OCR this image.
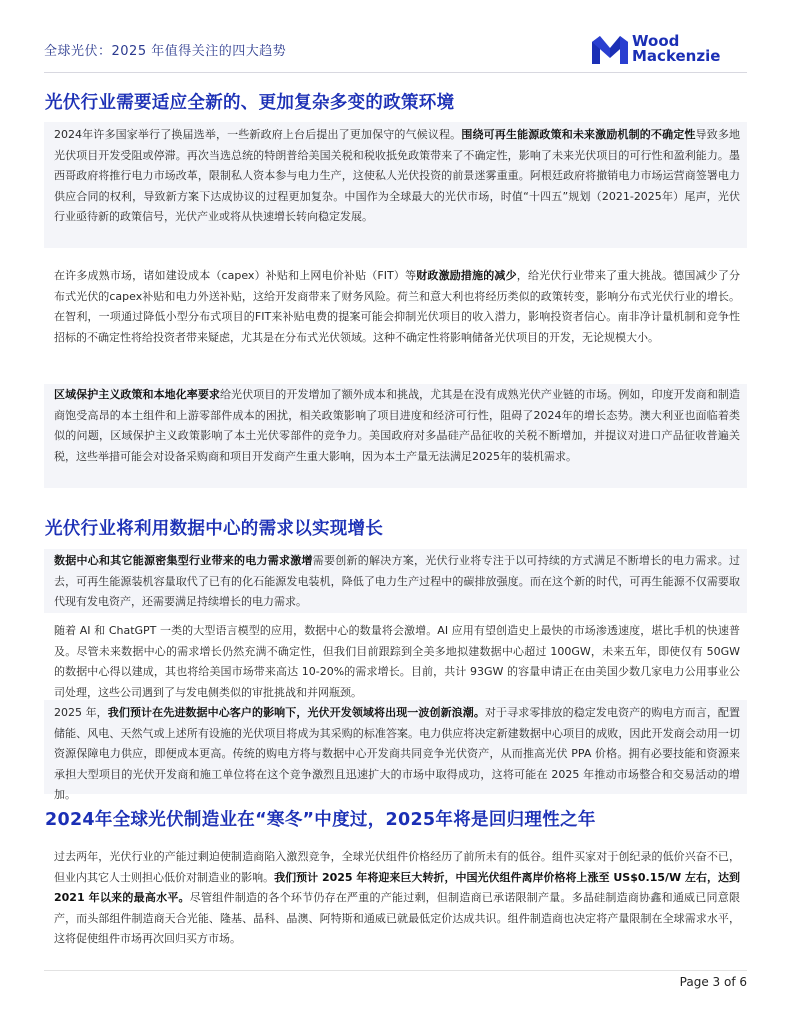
全球光伏：2025 年值得关注的四大趋势
Wood
Mackenzie
光伏行业需要适应全新的、更加复杂多变的政策环境

2024年许多国家举行了换届选举，一些新政府上台后提出了更加保守的气候议程。围绕可再生能源政策和未来激励机制的不确定性导致多地光伏项目开发受阻或停滞。再次当选总统的特朗普给美国关税和税收抵免政策带来了不确定性，影响了未来光伏项目的可行性和盈利能力。墨西哥政府将推行电力市场改革，限制私人资本参与电力生产，这使私人光伏投资的前景迷雾重重。阿根廷政府将撤销电力市场运营商签署电力供应合同的权利，导致新方案下达成协议的过程更加复杂。中国作为全球最大的光伏市场，时值“十四五”规划（2021-2025年）尾声，光伏行业亟待新的政策信号，光伏产业或将从快速增长转向稳定发展。

在许多成熟市场，诸如建设成本（capex）补贴和上网电价补贴（FIT）等财政激励措施的减少，给光伏行业带来了重大挑战。德国减少了分布式光伏的capex补贴和电力外送补贴，这给开发商带来了财务风险。荷兰和意大利也将经历类似的政策转变，影响分布式光伏行业的增长。在智利，一项通过降低小型分布式项目的FIT来补贴电费的提案可能会抑制光伏项目的收入潜力，影响投资者信心。南非净计量机制和竞争性招标的不确定性将给投资者带来疑虑，尤其是在分布式光伏领域。这种不确定性将影响储备光伏项目的开发，无论规模大小。

区域保护主义政策和本地化率要求给光伏项目的开发增加了额外成本和挑战，尤其是在没有成熟光伏产业链的市场。例如，印度开发商和制造商饱受高昂的本土组件和上游零部件成本的困扰，相关政策影响了项目进度和经济可行性，阻碍了2024年的增长态势。澳大利亚也面临着类似的问题，区域保护主义政策影响了本土光伏零部件的竞争力。美国政府对多晶硅产品征收的关税不断增加，并提议对进口产品征收普遍关税，这些举措可能会对设备采购商和项目开发商产生重大影响，因为本土产量无法满足2025年的装机需求。

光伏行业将利用数据中心的需求以实现增长

数据中心和其它能源密集型行业带来的电力需求激增需要创新的解决方案，光伏行业将专注于以可持续的方式满足不断增长的电力需求。过去，可再生能源装机容量取代了已有的化石能源发电装机，降低了电力生产过程中的碳排放强度。而在这个新的时代，可再生能源不仅需要取代现有发电资产，还需要满足持续增长的电力需求。

随着 AI 和 ChatGPT 一类的大型语言模型的应用，数据中心的数量将会激增。AI 应用有望创造史上最快的市场渗透速度，堪比手机的快速普及。尽管未来数据中心的需求增长仍然充满不确定性，但我们目前跟踪到全美多地拟建数据中心超过 100GW，未来五年，即使仅有 50GW 的数据中心得以建成，其也将给美国市场带来高达 10-20%的需求增长。目前，共计 93GW 的容量申请正在由美国少数几家电力公用事业公司处理，这些公司遇到了与发电侧类似的审批挑战和并网瓶颈。

2025 年，我们预计在先进数据中心客户的影响下，光伏开发领域将出现一波创新浪潮。对于寻求零排放的稳定发电资产的购电方而言，配置储能、风电、天然气或上述所有设施的光伏项目将成为其采购的标准答案。电力供应将决定新建数据中心项目的成败，因此开发商会动用一切资源保障电力供应，即便成本更高。传统的购电方将与数据中心开发商共同竞争光伏资产，从而推高光伏 PPA 价格。拥有必要技能和资源来承担大型项目的光伏开发商和施工单位将在这个竞争激烈且迅速扩大的市场中取得成功，这将可能在 2025 年推动市场整合和交易活动的增加。

2024年全球光伏制造业在“寒冬”中度过，2025年将是回归理性之年

过去两年，光伏行业的产能过剩迫使制造商陷入激烈竞争，全球光伏组件价格经历了前所未有的低谷。组件买家对于创纪录的低价兴奋不已，但业内其它人士则担心低价对制造业的影响。我们预计 2025 年将迎来巨大转折，中国光伏组件离岸价格将上涨至 US$0.15/W 左右，达到 2021 年以来的最高水平。尽管组件制造的各个环节仍存在严重的产能过剩，但制造商已承诺限制产量。多晶硅制造商协鑫和通威已同意限产，而头部组件制造商天合光能、隆基、晶科、晶澳、阿特斯和通威已就最低定价达成共识。组件制造商也决定将产量限制在全球需求水平，这将促使组件市场再次回归买方市场。

Page 3 of 6
